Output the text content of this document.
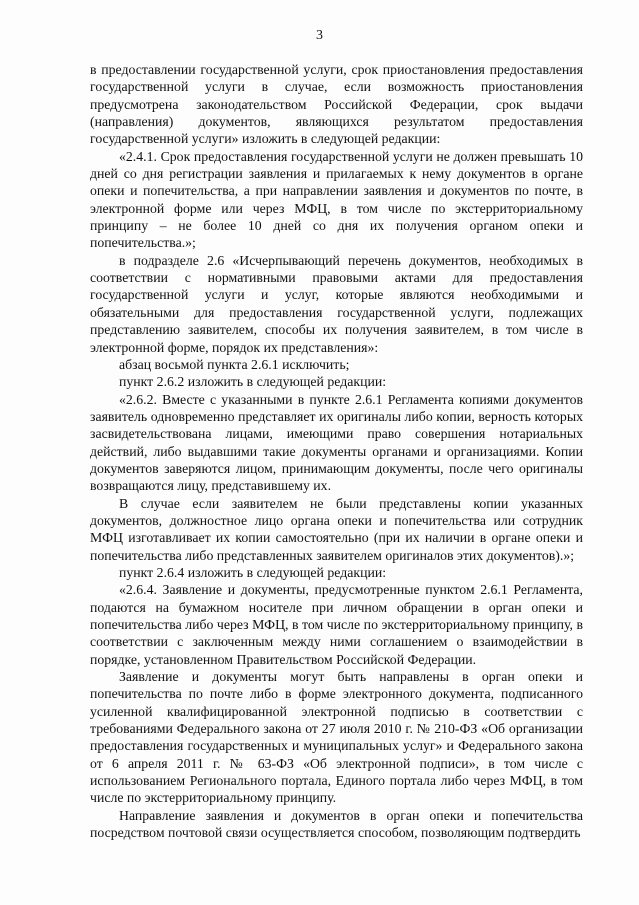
3

в предоставлении государственной услуги, срок приостановления предоставления государственной услуги в случае, если возможность приостановления предусмотрена законодательством Российской Федерации, срок выдачи (направления) документов, являющихся результатом предоставления государственной услуги» изложить в следующей редакции:

«2.4.1. Срок предоставления государственной услуги не должен превышать 10 дней со дня регистрации заявления и прилагаемых к нему документов в органе опеки и попечительства, а при направлении заявления и документов по почте, в электронной форме или через МФЦ, в том числе по экстерриториальному принципу – не более 10 дней со дня их получения органом опеки и попечительства.»;

в подразделе 2.6 «Исчерпывающий перечень документов, необходимых в соответствии с нормативными правовыми актами для предоставления государственной услуги и услуг, которые являются необходимыми и обязательными для предоставления государственной услуги, подлежащих представлению заявителем, способы их получения заявителем, в том числе в электронной форме, порядок их представления»:

абзац восьмой пункта 2.6.1 исключить;

пункт 2.6.2 изложить в следующей редакции:

«2.6.2. Вместе с указанными в пункте 2.6.1 Регламента копиями документов заявитель одновременно представляет их оригиналы либо копии, верность которых засвидетельствована лицами, имеющими право совершения нотариальных действий, либо выдавшими такие документы органами и организациями. Копии документов заверяются лицом, принимающим документы, после чего оригиналы возвращаются лицу, представившему их.

В случае если заявителем не были представлены копии указанных документов, должностное лицо органа опеки и попечительства или сотрудник МФЦ изготавливает их копии самостоятельно (при их наличии в органе опеки и попечительства либо представленных заявителем оригиналов этих документов).»;

пункт 2.6.4 изложить в следующей редакции:

«2.6.4. Заявление и документы, предусмотренные пунктом 2.6.1 Регламента, подаются на бумажном носителе при личном обращении в орган опеки и попечительства либо через МФЦ, в том числе по экстерриториальному принципу, в соответствии с заключенным между ними соглашением о взаимодействии в порядке, установленном Правительством Российской Федерации.

Заявление и документы могут быть направлены в орган опеки и попечительства по почте либо в форме электронного документа, подписанного усиленной квалифицированной электронной подписью в соответствии с требованиями Федерального закона от 27 июля 2010 г. № 210-ФЗ «Об организации предоставления государственных и муниципальных услуг» и Федерального закона от 6 апреля 2011 г. № 63-ФЗ «Об электронной подписи», в том числе с использованием Регионального портала, Единого портала либо через МФЦ, в том числе по экстерриториальному принципу.

Направление заявления и документов в орган опеки и попечительства посредством почтовой связи осуществляется способом, позволяющим подтвердить
